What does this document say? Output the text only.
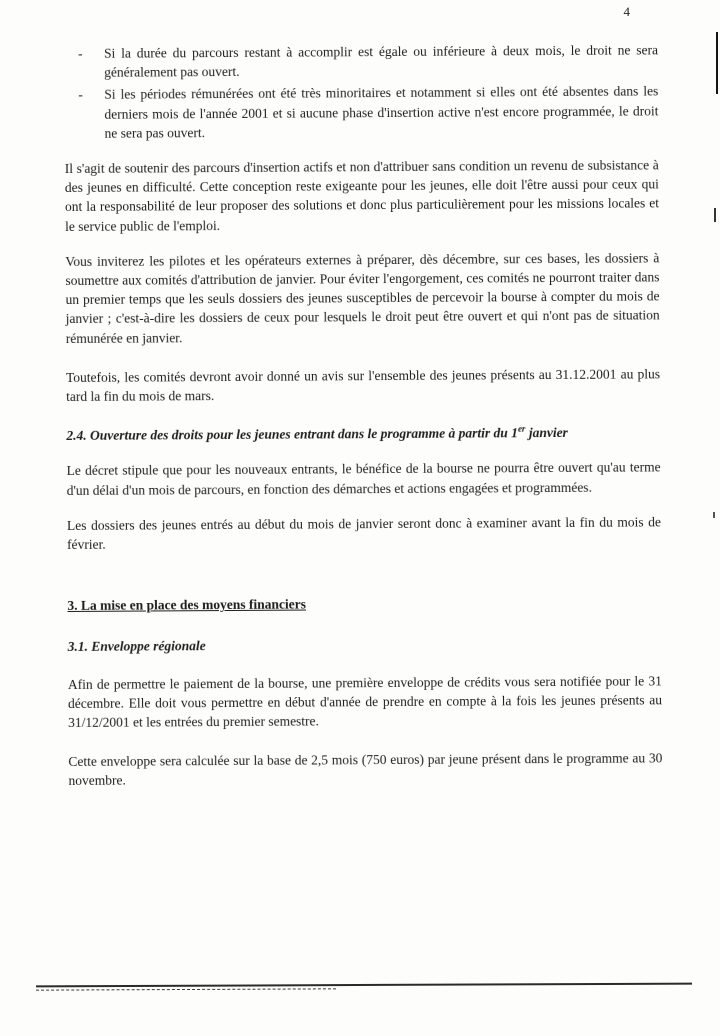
4
- Si la durée du parcours restant à accomplir est égale ou inférieure à deux mois, le droit ne sera généralement pas ouvert.
- Si les périodes rémunérées ont été très minoritaires et notamment si elles ont été absentes dans les derniers mois de l'année 2001 et si aucune phase d'insertion active n'est encore programmée, le droit ne sera pas ouvert.

Il s'agit de soutenir des parcours d'insertion actifs et non d'attribuer sans condition un revenu de subsistance à des jeunes en difficulté. Cette conception reste exigeante pour les jeunes, elle doit l'être aussi pour ceux qui ont la responsabilité de leur proposer des solutions et donc plus particulièrement pour les missions locales et le service public de l'emploi.

Vous inviterez les pilotes et les opérateurs externes à préparer, dès décembre, sur ces bases, les dossiers à soumettre aux comités d'attribution de janvier. Pour éviter l'engorgement, ces comités ne pourront traiter dans un premier temps que les seuls dossiers des jeunes susceptibles de percevoir la bourse à compter du mois de janvier ; c'est-à-dire les dossiers de ceux pour lesquels le droit peut être ouvert et qui n'ont pas de situation rémunérée en janvier.

Toutefois, les comités devront avoir donné un avis sur l'ensemble des jeunes présents au 31.12.2001 au plus tard la fin du mois de mars.

2.4. Ouverture des droits pour les jeunes entrant dans le programme à partir du 1er janvier

Le décret stipule que pour les nouveaux entrants, le bénéfice de la bourse ne pourra être ouvert qu'au terme d'un délai d'un mois de parcours, en fonction des démarches et actions engagées et programmées.

Les dossiers des jeunes entrés au début du mois de janvier seront donc à examiner avant la fin du mois de février.

3. La mise en place des moyens financiers
3.1. Enveloppe régionale

Afin de permettre le paiement de la bourse, une première enveloppe de crédits vous sera notifiée pour le 31 décembre. Elle doit vous permettre en début d'année de prendre en compte à la fois les jeunes présents au 31/12/2001 et les entrées du premier semestre.

Cette enveloppe sera calculée sur la base de 2,5 mois (750 euros) par jeune présent dans le programme au 30 novembre.
